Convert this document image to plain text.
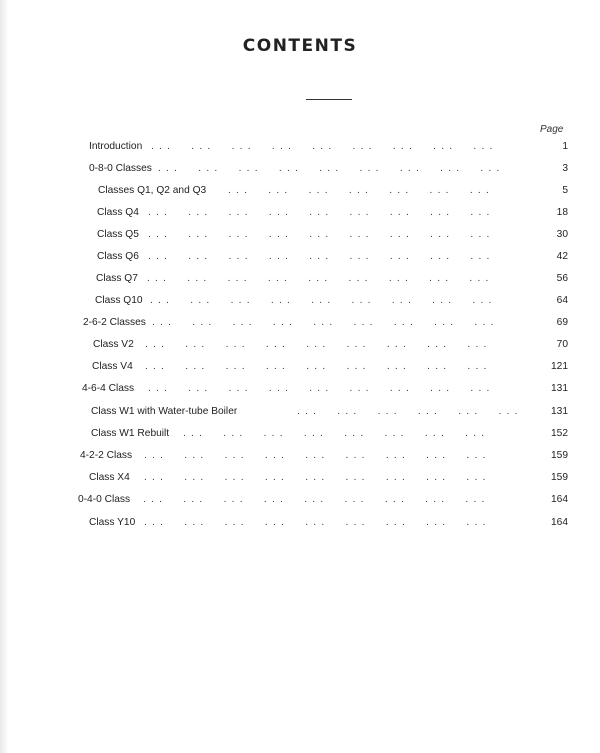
CONTENTS
Page
Introduction . . .     . . .     . . .     . . .     . . .     . . .     . . .     . . .     . . .	1
0-8-0 Classes . . .     . . .     . . .     . . .     . . .     . . .     . . .     . . .     . . .	3
Classes Q1, Q2 and Q3 . . .     . . .     . . .     . . .     . . .     . . .     . . .	5
Class Q4 . . .     . . .     . . .     . . .     . . .     . . .     . . .     . . .     . . .	18
Class Q5 . . .     . . .     . . .     . . .     . . .     . . .     . . .     . . .     . . .	30
Class Q6 . . .     . . .     . . .     . . .     . . .     . . .     . . .     . . .     . . .	42
Class Q7 . . .     . . .     . . .     . . .     . . .     . . .     . . .     . . .     . . .	56
Class Q10 . . .     . . .     . . .     . . .     . . .     . . .     . . .     . . .     . . .	64
2-6-2 Classes . . .     . . .     . . .     . . .     . . .     . . .     . . .     . . .     . . .	69
Class V2 . . .     . . .     . . .     . . .     . . .     . . .     . . .     . . .     . . .	70
Class V4 . . .     . . .     . . .     . . .     . . .     . . .     . . .     . . .     . . .	121
4-6-4 Class . . .     . . .     . . .     . . .     . . .     . . .     . . .     . . .     . . .	131
Class W1 with Water-tube Boiler	. . .     . . .     . . .     . . .     . . .     . . .	131
Class W1 Rebuilt . . .     . . .     . . .     . . .     . . .     . . .     . . .     . . .	152
4-2-2 Class . . .     . . .     . . .     . . .     . . .     . . .     . . .     . . .     . . .	159
Class X4 . . .     . . .     . . .     . . .     . . .     . . .     . . .     . . .     . . .	159
0-4-0 Class . . .     . . .     . . .     . . .     . . .     . . .     . . .     . . .     . . .	164
Class Y10 . . .     . . .     . . .     . . .     . . .     . . .     . . .     . . .     . . .	164
